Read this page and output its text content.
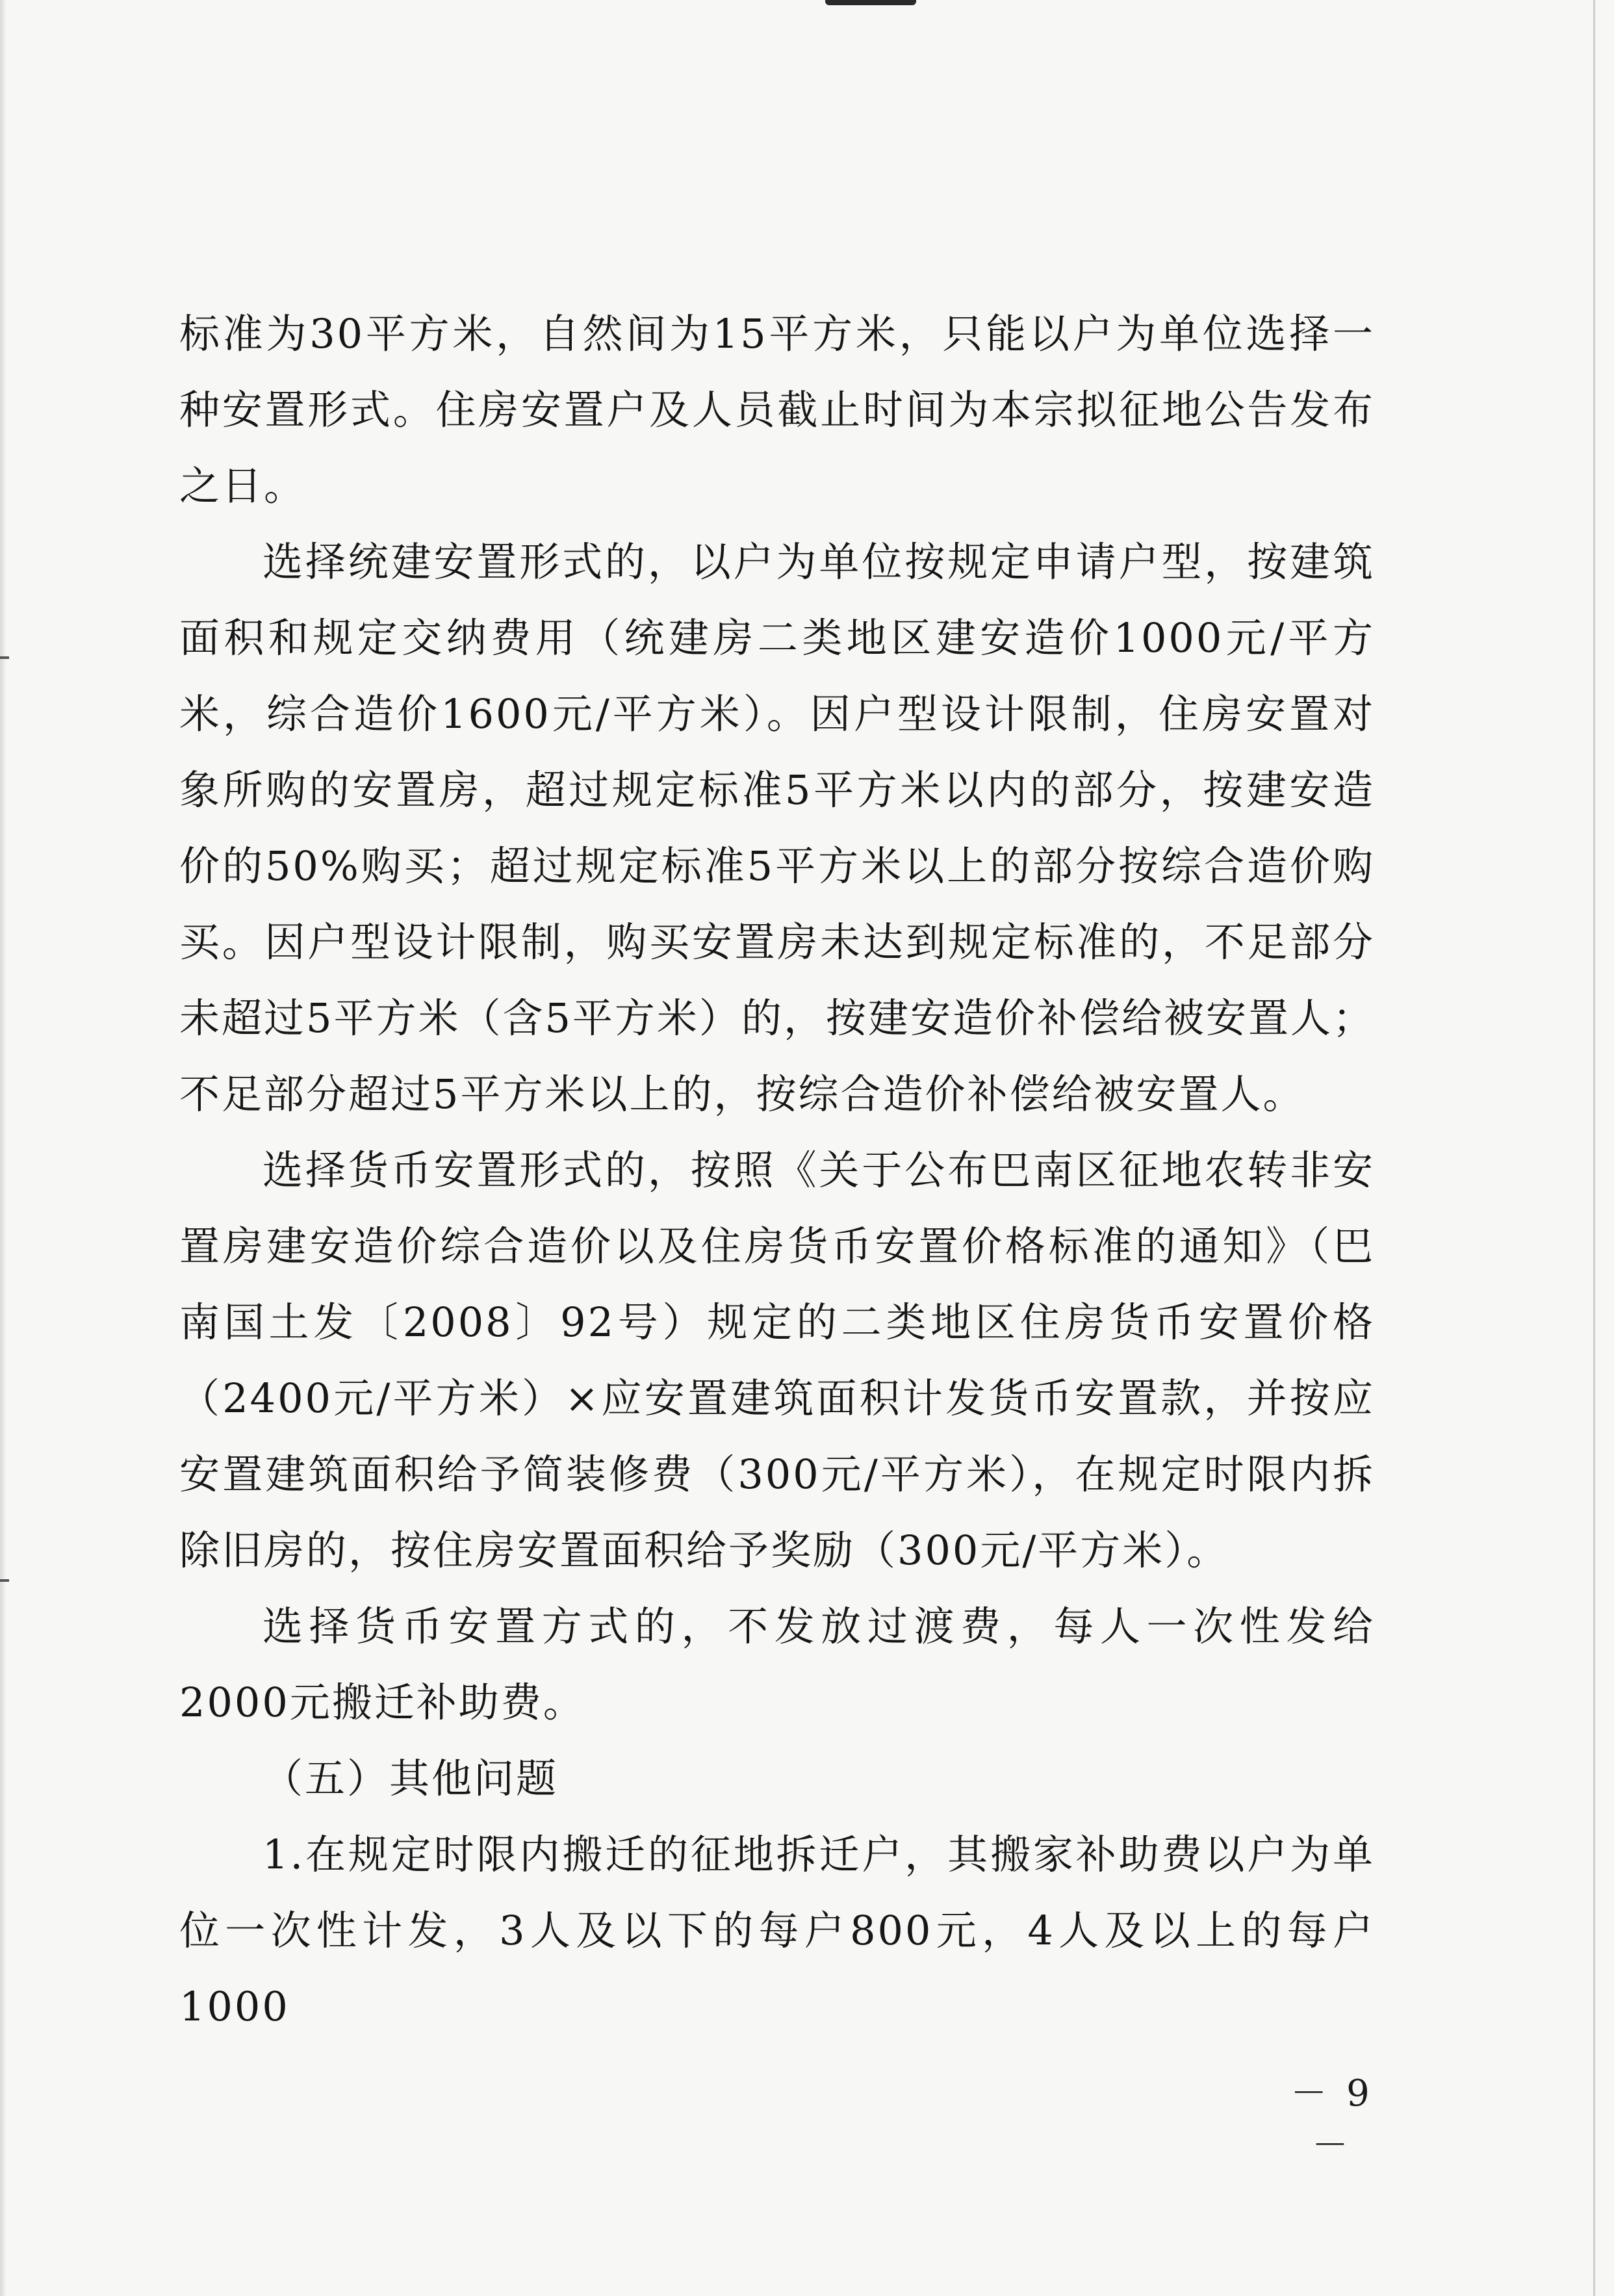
标准为30平方米，自然间为15平方米，只能以户为单位选择一种安置形式。住房安置户及人员截止时间为本宗拟征地公告发布之日。

选择统建安置形式的，以户为单位按规定申请户型，按建筑面积和规定交纳费用（统建房二类地区建安造价1000元/平方米，综合造价1600元/平方米）。因户型设计限制，住房安置对象所购的安置房，超过规定标准5平方米以内的部分，按建安造价的50%购买；超过规定标准5平方米以上的部分按综合造价购买。因户型设计限制，购买安置房未达到规定标准的，不足部分未超过5平方米（含5平方米）的，按建安造价补偿给被安置人；不足部分超过5平方米以上的，按综合造价补偿给被安置人。

选择货币安置形式的，按照《关于公布巴南区征地农转非安置房建安造价综合造价以及住房货币安置价格标准的通知》（巴南国土发〔2008〕92号）规定的二类地区住房货币安置价格（2400元/平方米）×应安置建筑面积计发货币安置款，并按应安置建筑面积给予简装修费（300元/平方米），在规定时限内拆除旧房的，按住房安置面积给予奖励（300元/平方米）。

选择货币安置方式的，不发放过渡费，每人一次性发给2000元搬迁补助费。

（五）其他问题

1.在规定时限内搬迁的征地拆迁户，其搬家补助费以户为单位一次性计发，3人及以下的每户800元，4人及以上的每户1000

－ 9 －
